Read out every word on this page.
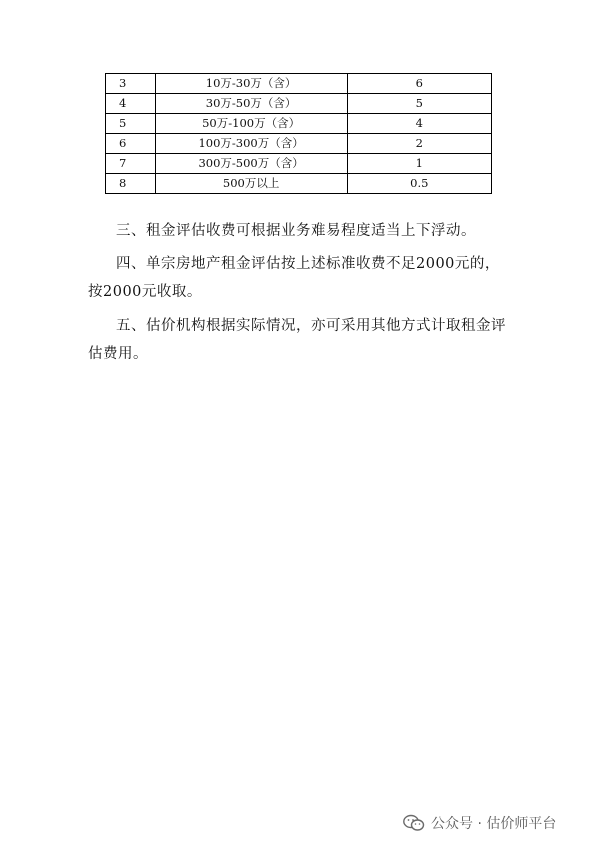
3	10万-30万（含）	6
4	30万-50万（含）	5
5	50万-100万（含）	4
6	100万-300万（含）	2
7	300万-500万（含）	1
8	500万以上	0.5

三、租金评估收费可根据业务难易程度适当上下浮动。

四、单宗房地产租金评估按上述标准收费不足2000元的，按2000元收取。

五、估价机构根据实际情况，亦可采用其他方式计取租金评估费用。

公众号 · 估价师平台
